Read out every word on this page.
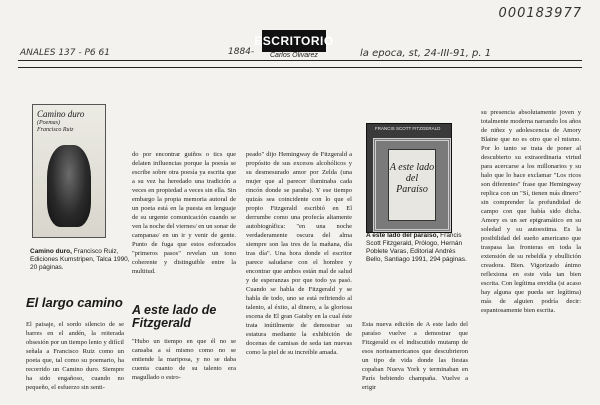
000183977
ANALES 137 - P6 61	1884-	la epoca, st, 24-III-91, p. 1
ESCRITORIO
Carlos Olivarez
Camino duro
(Poemas)
Francisco Ruiz
Camino duro, Francisco Ruiz, Ediciones Kumstripen, Talca 1990, 20 páginas.
FRANCIS SCOTT FITZGERALD
A este lado del Paraíso
A este lado del paraíso, Francis Scott Fitzgerald, Prólogo, Hernán Poblete Varas, Editorial Andrés Bello, Santiago 1991, 294 páginas.
El largo camino A este lado de Fitzgerald
El paisaje, el sordo silencio de se barres en el andén, la reiterada obsesión por un tiempo lento y difícil señala a Francisco Ruiz como un poeta que, tal como su poemario, ha recorrido un Camino duro. Siempre ha sido engañoso, cuando no pequeño, el esfuerzo sin senti-
do por encontrar guiños o tics que delaten influencias porque la poesía se escribe sobre otra poesía ya escrita que a su vez ha heredado una tradición a veces en propiedad a veces sin ella. Sin embargo la propia memoria autoral de un poeta está en la puesta en lenguaje de su urgente comunicación cuando se ven la noche del viernes/ en un sonar de campanas/ en un ir y venir de gente. Punto de fuga que estos esforzados "primeros pasos" revelan un tono coherente y distinguible entre la multitud.
"Hubo un tiempo en que él no se cansaba a sí mismo como no se entiende la mariposa, y no se daba cuenta cuanto de su talento era magullado o estro-
peado" dijo Hemingway de Fitzgerald a propósito de sus excesos alcohólicos y su desmesurado amor por Zelda (una mujer que al parecer iluminaba cada rincón donde se paraba). Y ese tiempo quizás sea coincidente con lo que el propio Fitzgerald escribió en El derrumbe como una profecía altamente autobiográfica: "en una noche verdaderamente oscura del alma siempre son las tres de la mañana, día tras día". Una hora donde el escritor parece saludarse con el hombre y encontrar que ambos están mal de salud y de esperanzas por que todo ya pasó. Cuando se habla de Fitzgerald y se habla de todo, uno se está refiriendo al talento, al éxito, al dinero, a la gloriosa escena de El gran Gatsby en la cual éste trata inútilmente de demostrar su estatura mediante la exhibición de docenas de camisas de seda tan nuevas como la piel de su increíble amada.
Esta nueva edición de A este lado del paraíso vuelve a demostrar que Fitzgerald es el indiscutido mutamp de esos norteamericanos que descubrieron un tipo de vida donde las fiestas copaban Nueva York y terminaban en París bebiendo champaña. Vuelve a erigir
su presencia absolutamente joven y totalmente moderna narrando los años de niñez y adolescencia de Amory Blaine que no es otro que el mismo. Por lo tanto se trata de poner al descubierto su extraordinaria virtud para acercarse a los millonarios y su halo que lo hace exclamar "Los ricos son diferentes" frase que Hemingway replica con un "Sí, tienen más dinero" sin comprender la profundidad de campo con que había sido dicha. Amory es un ser epigramático en su soledad y su autoestima. Es la posibilidad del sueño americano que traspasa las fronteras en toda la extensión de su rebeldía y ebullición creadora. Bien. Vigorizado ánimo reflexiona en este vida tan bien escrita. Con legítima envidia (si acaso hay alguna que pueda ser legítima) más de alguien podría decir: espantosamente bien escrita.
